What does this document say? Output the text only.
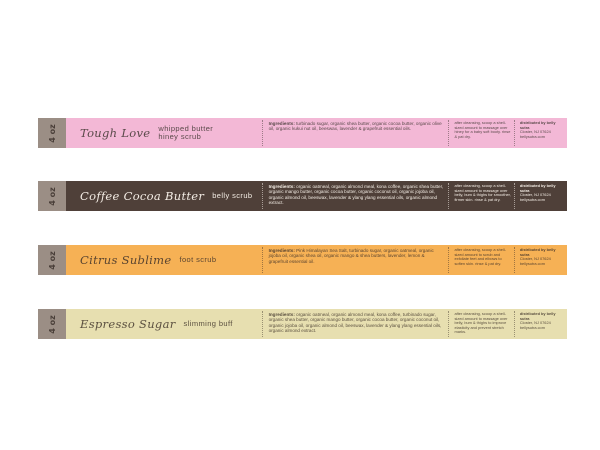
4 oz Tough Love whipped butter
hiney scrub
Ingredients: turbinado sugar, organic shea butter, organic cocoa butter, organic olive oil, organic kukui nut oil, beeswax, lavender & grapefruit essential oils.
after cleansing, scoop a shell-sized amount to massage over hiney for a baby soft booty. rinse & pat dry.
distributed by belly sutra
Closter, NJ 07624
bellysutra.com
4 oz Coffee Cocoa Butter belly scrub
Ingredients: organic oatmeal, organic almond meal, kona coffee, organic shea butter, organic mango butter, organic cocoa butter, organic coconut oil, organic jojoba oil, organic almond oil, beeswax, lavender & ylang ylang essential oils, organic almond extract.
after cleansing, scoop a shell-sized amount to massage over belly, bum & thighs for smoother, firmer skin. rinse & pat dry.
distributed by belly sutra
Closter, NJ 07624
bellysutra.com
4 oz Citrus Sublime foot scrub
Ingredients: Pink Himalayan Sea Salt, turbinado sugar, organic oatmeal, organic jojoba oil, organic shea oil, organic mango & shea butters, lavender, lemon & grapefruit essential oil.
after cleansing, scoop a shell-sized amount to scrub and exfoliate feet and elbows to soften skin. rinse & pat dry.
distributed by belly sutra
Closter, NJ 07624
bellysutra.com
4 oz Espresso Sugar slimming buff
Ingredients: organic oatmeal, organic almond meal, kona coffee, turbinado sugar, organic shea butter, organic mango butter, organic cocoa butter, organic coconut oil, organic jojoba oil, organic almond oil, beeswax, lavender & ylang ylang essential oils, organic almond extract.
after cleansing, scoop a shell-sized amount to massage over belly, bum & thighs to improve elasticity and prevent stretch marks.
distributed by belly sutra
Closter, NJ 07624
bellysutra.com
